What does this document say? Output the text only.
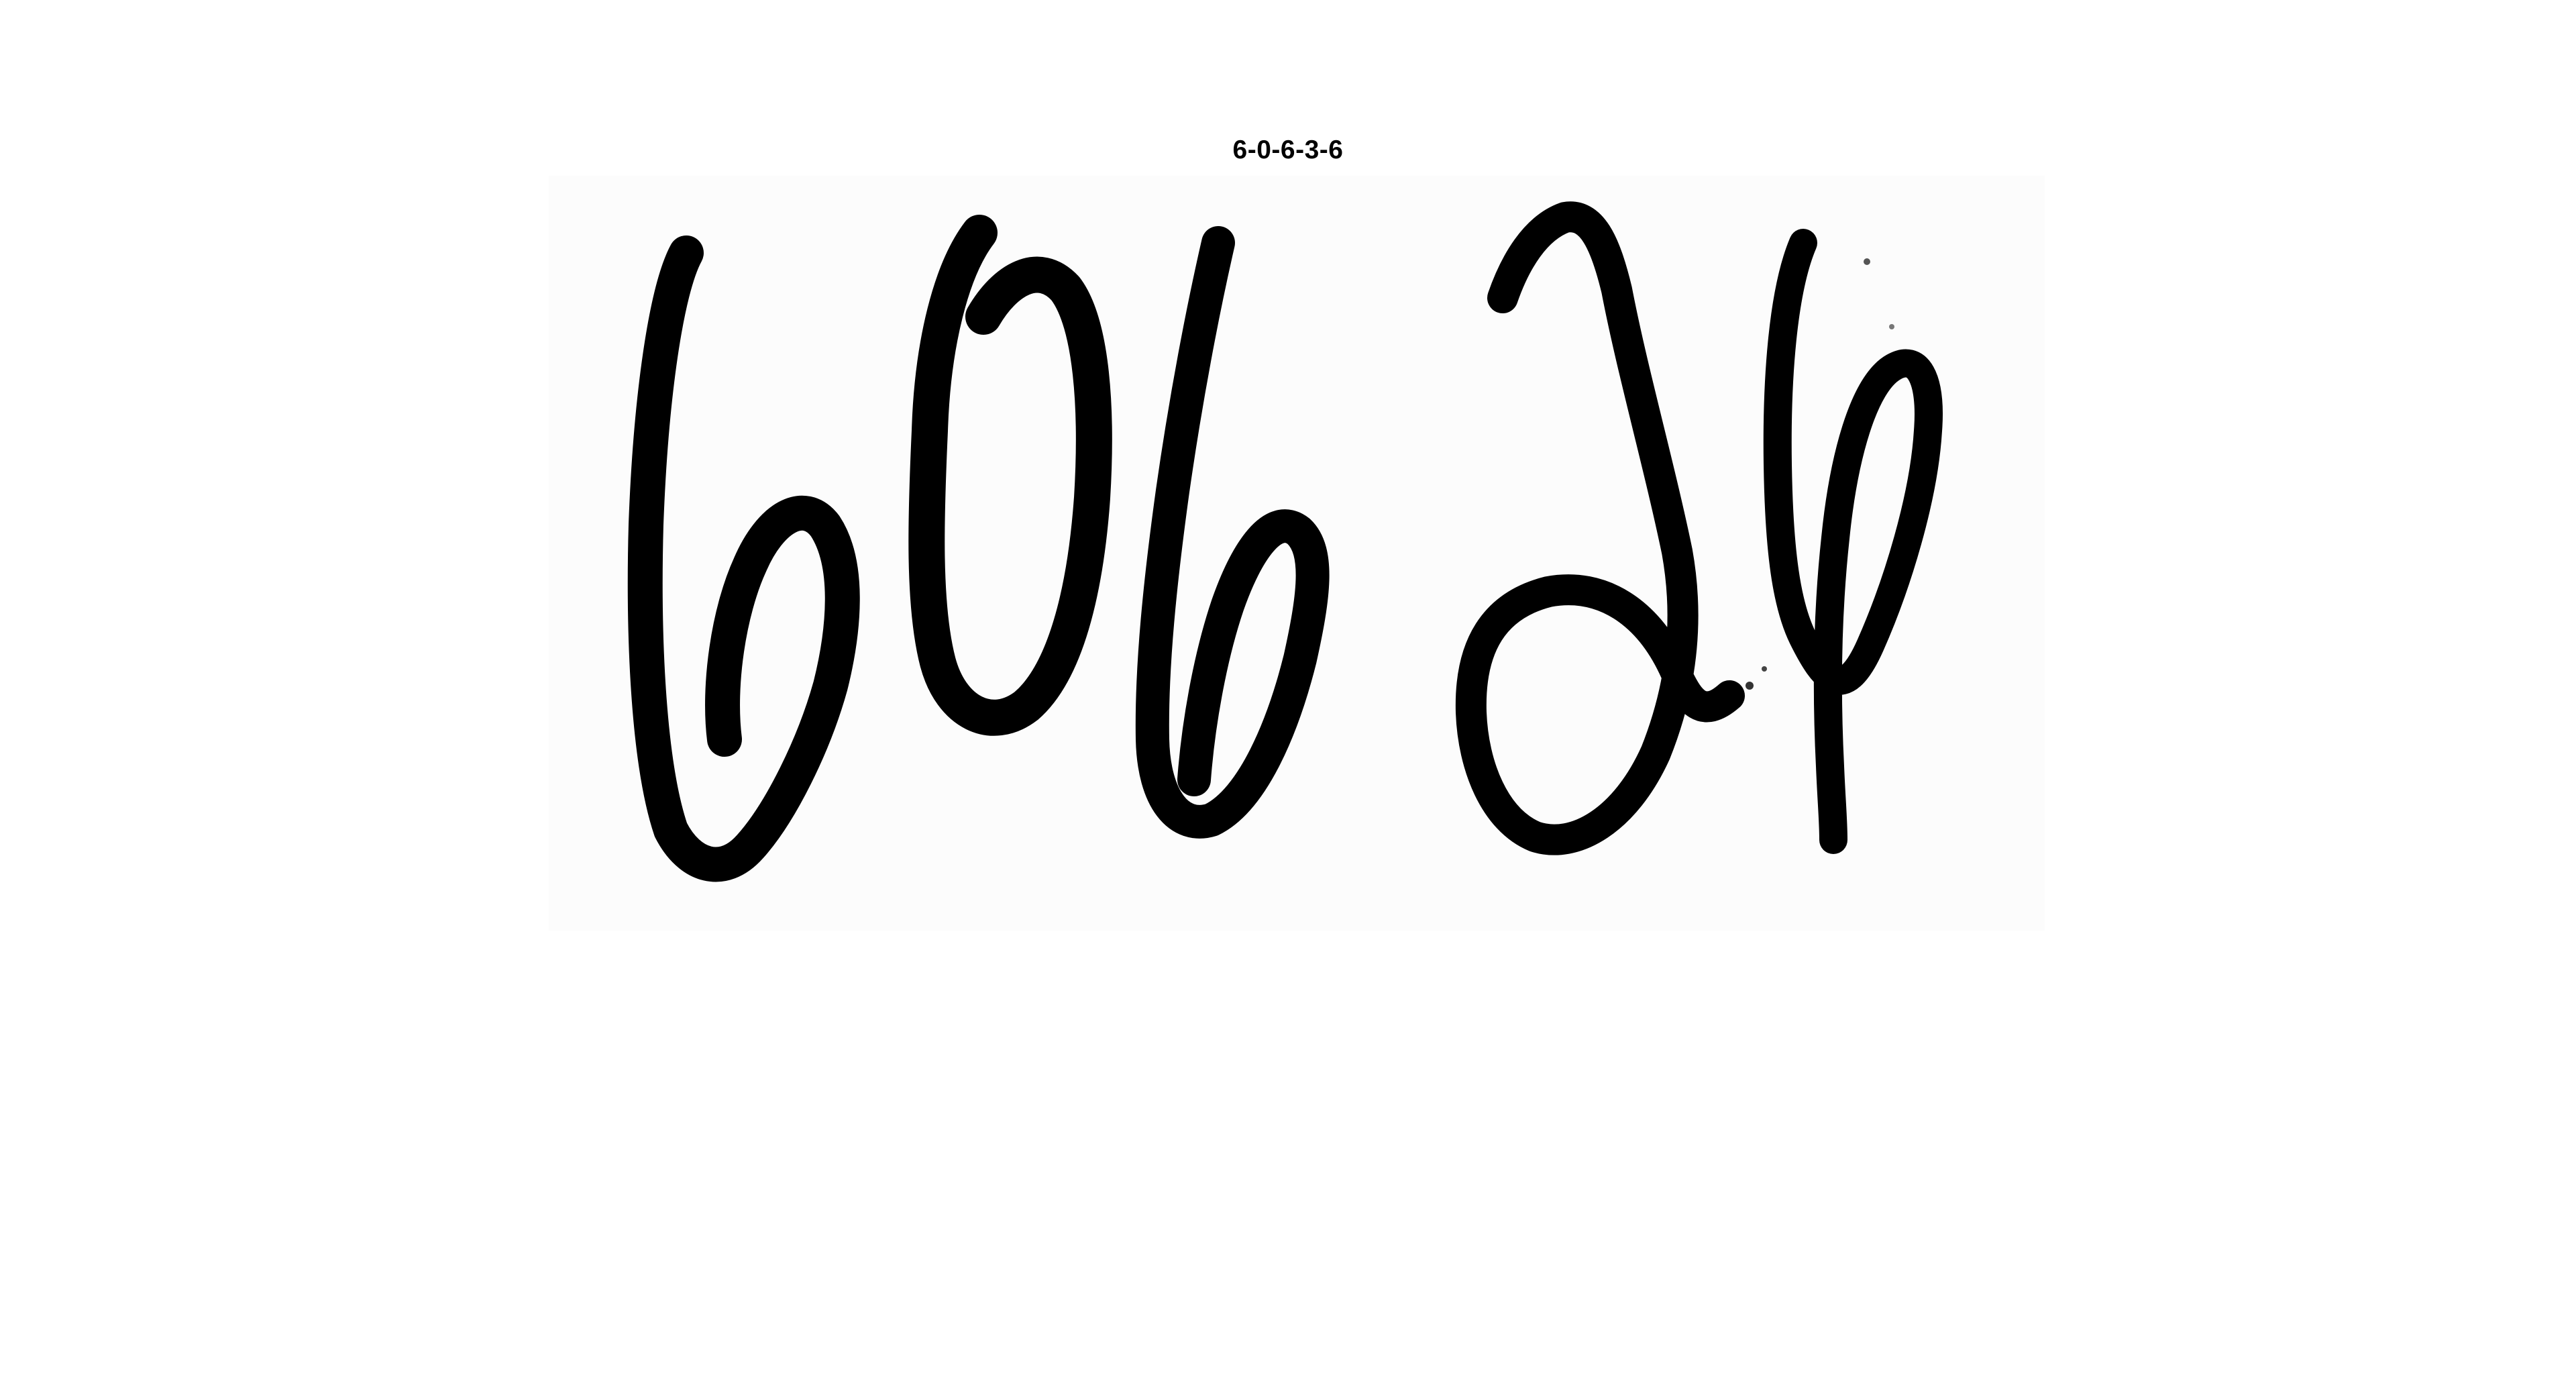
6-0-6-3-6
